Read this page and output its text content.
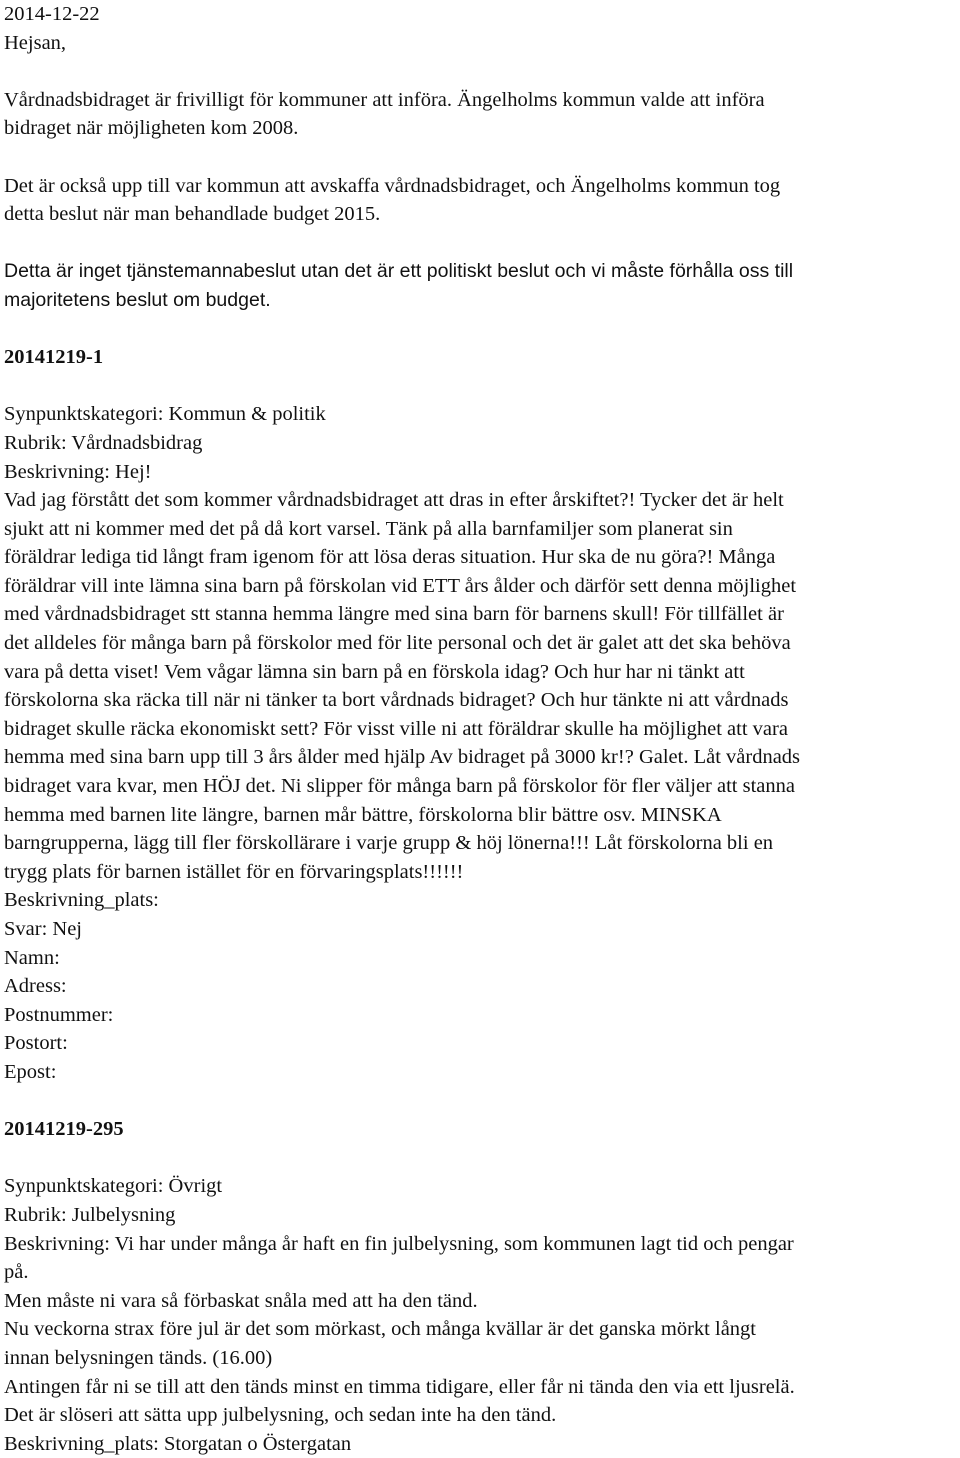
2014-12-22
Hejsan,
Vårdnadsbidraget är frivilligt för kommuner att införa. Ängelholms kommun valde att införa
bidraget när möjligheten kom 2008.
Det är också upp till var kommun att avskaffa vårdnadsbidraget, och Ängelholms kommun tog
detta beslut när man behandlade budget 2015.
Detta är inget tjänstemannabeslut utan det är ett politiskt beslut och vi måste förhålla oss till
majoritetens beslut om budget.
20141219-1
Synpunktskategori: Kommun & politik
Rubrik: Vårdnadsbidrag
Beskrivning: Hej!
Vad jag förstått det som kommer vårdnadsbidraget att dras in efter årskiftet?! Tycker det är helt
sjukt att ni kommer med det på då kort varsel. Tänk på alla barnfamiljer som planerat sin
föräldrar lediga tid långt fram igenom för att lösa deras situation. Hur ska de nu göra?! Många
föräldrar vill inte lämna sina barn på förskolan vid ETT års ålder och därför sett denna möjlighet
med vårdnadsbidraget stt stanna hemma längre med sina barn för barnens skull! För tillfället är
det alldeles för många barn på förskolor med för lite personal och det är galet att det ska behöva
vara på detta viset! Vem vågar lämna sin barn på en förskola idag? Och hur har ni tänkt att
förskolorna ska räcka till när ni tänker ta bort vårdnads bidraget? Och hur tänkte ni att vårdnads
bidraget skulle räcka ekonomiskt sett? För visst ville ni att föräldrar skulle ha möjlighet att vara
hemma med sina barn upp till 3 års ålder med hjälp Av bidraget på 3000 kr!? Galet. Låt vårdnads
bidraget vara kvar, men HÖJ det. Ni slipper för många barn på förskolor för fler väljer att stanna
hemma med barnen lite längre, barnen mår bättre, förskolorna blir bättre osv. MINSKA
barngrupperna, lägg till fler förskollärare i varje grupp & höj lönerna!!! Låt förskolorna bli en
trygg plats för barnen istället för en förvaringsplats!!!!!!
Beskrivning_plats:
Svar: Nej
Namn:
Adress:
Postnummer:
Postort:
Epost:
20141219-295
Synpunktskategori: Övrigt
Rubrik: Julbelysning
Beskrivning: Vi har under många år haft en fin julbelysning, som kommunen lagt tid och pengar
på.
Men måste ni vara så förbaskat snåla med att ha den tänd.
Nu veckorna strax före jul är det som mörkast, och många kvällar är det ganska mörkt långt
innan belysningen tänds. (16.00)
Antingen får ni se till att den tänds minst en timma tidigare, eller får ni tända den via ett ljusrelä.
Det är slöseri att sätta upp julbelysning, och sedan inte ha den tänd.
Beskrivning_plats: Storgatan o Östergatan
